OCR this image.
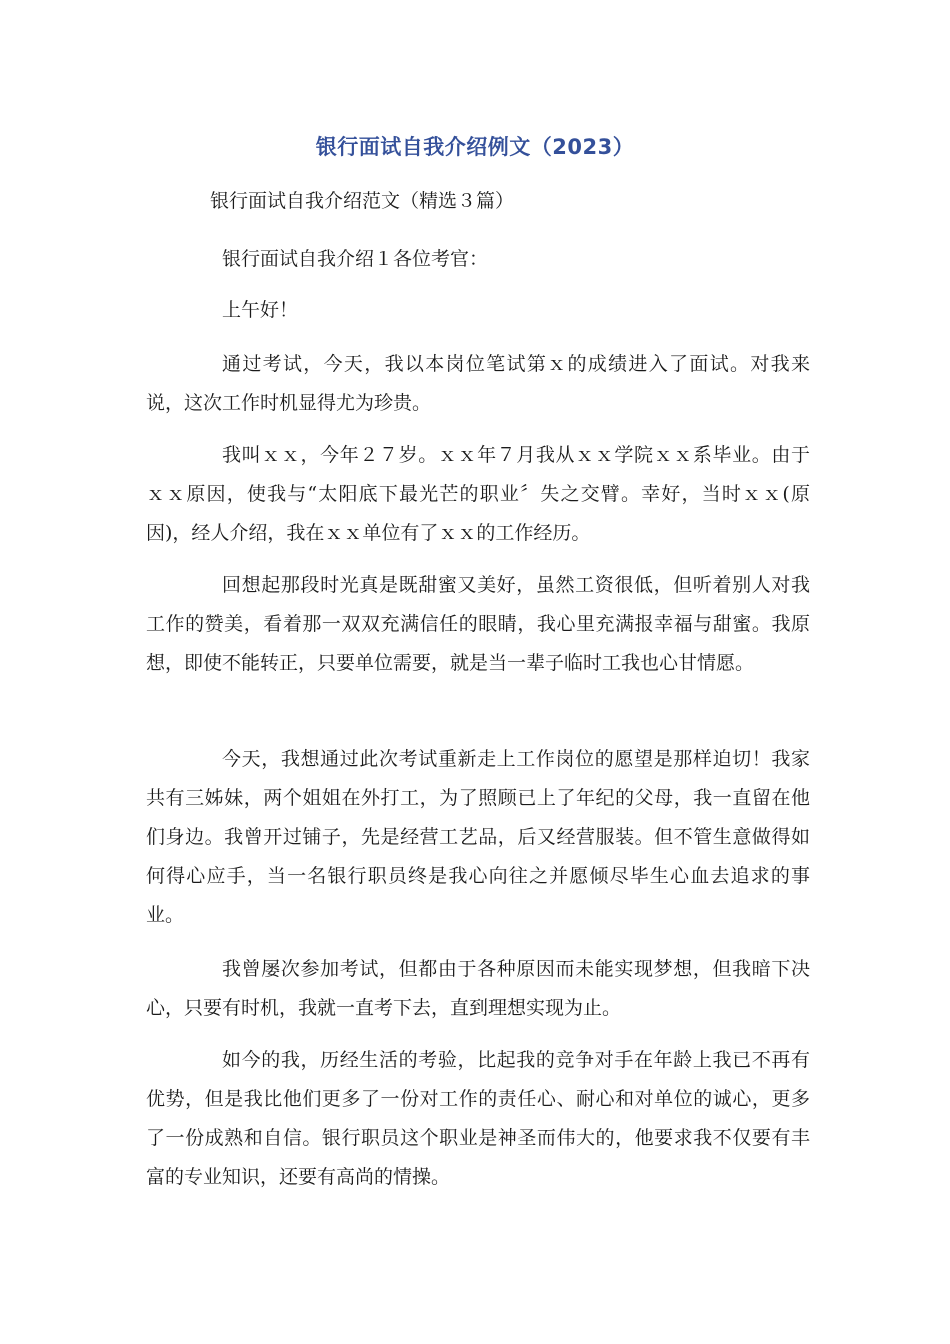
银行面试自我介绍例文（2023）
银行面试自我介绍范文（精选３篇）

银行面试自我介绍１各位考官：

上午好！

通过考试，今天，我以本岗位笔试第ｘ的成绩进入了面试。对我来说，这次工作时机显得尤为珍贵。

我叫ｘｘ，今年２７岁。ｘｘ年７月我从ｘｘ学院ｘｘ系毕业。由于ｘｘ原因，使我与“太阳底下最光芒的职业〞失之交臂。幸好，当时ｘｘ(原因)，经人介绍，我在ｘｘ单位有了ｘｘ的工作经历。

回想起那段时光真是既甜蜜又美好，虽然工资很低，但听着别人对我工作的赞美，看着那一双双充满信任的眼睛，我心里充满报幸福与甜蜜。我原想，即使不能转正，只要单位需要，就是当一辈子临时工我也心甘情愿。

今天，我想通过此次考试重新走上工作岗位的愿望是那样迫切！我家共有三姊妹，两个姐姐在外打工，为了照顾已上了年纪的父母，我一直留在他们身边。我曾开过铺子，先是经营工艺品，后又经营服装。但不管生意做得如何得心应手，当一名银行职员终是我心向往之并愿倾尽毕生心血去追求的事业。

我曾屡次参加考试，但都由于各种原因而未能实现梦想，但我暗下决心，只要有时机，我就一直考下去，直到理想实现为止。

如今的我，历经生活的考验，比起我的竞争对手在年龄上我已不再有优势，但是我比他们更多了一份对工作的责任心、耐心和对单位的诚心，更多了一份成熟和自信。银行职员这个职业是神圣而伟大的，他要求我不仅要有丰富的专业知识，还要有高尚的情操。
